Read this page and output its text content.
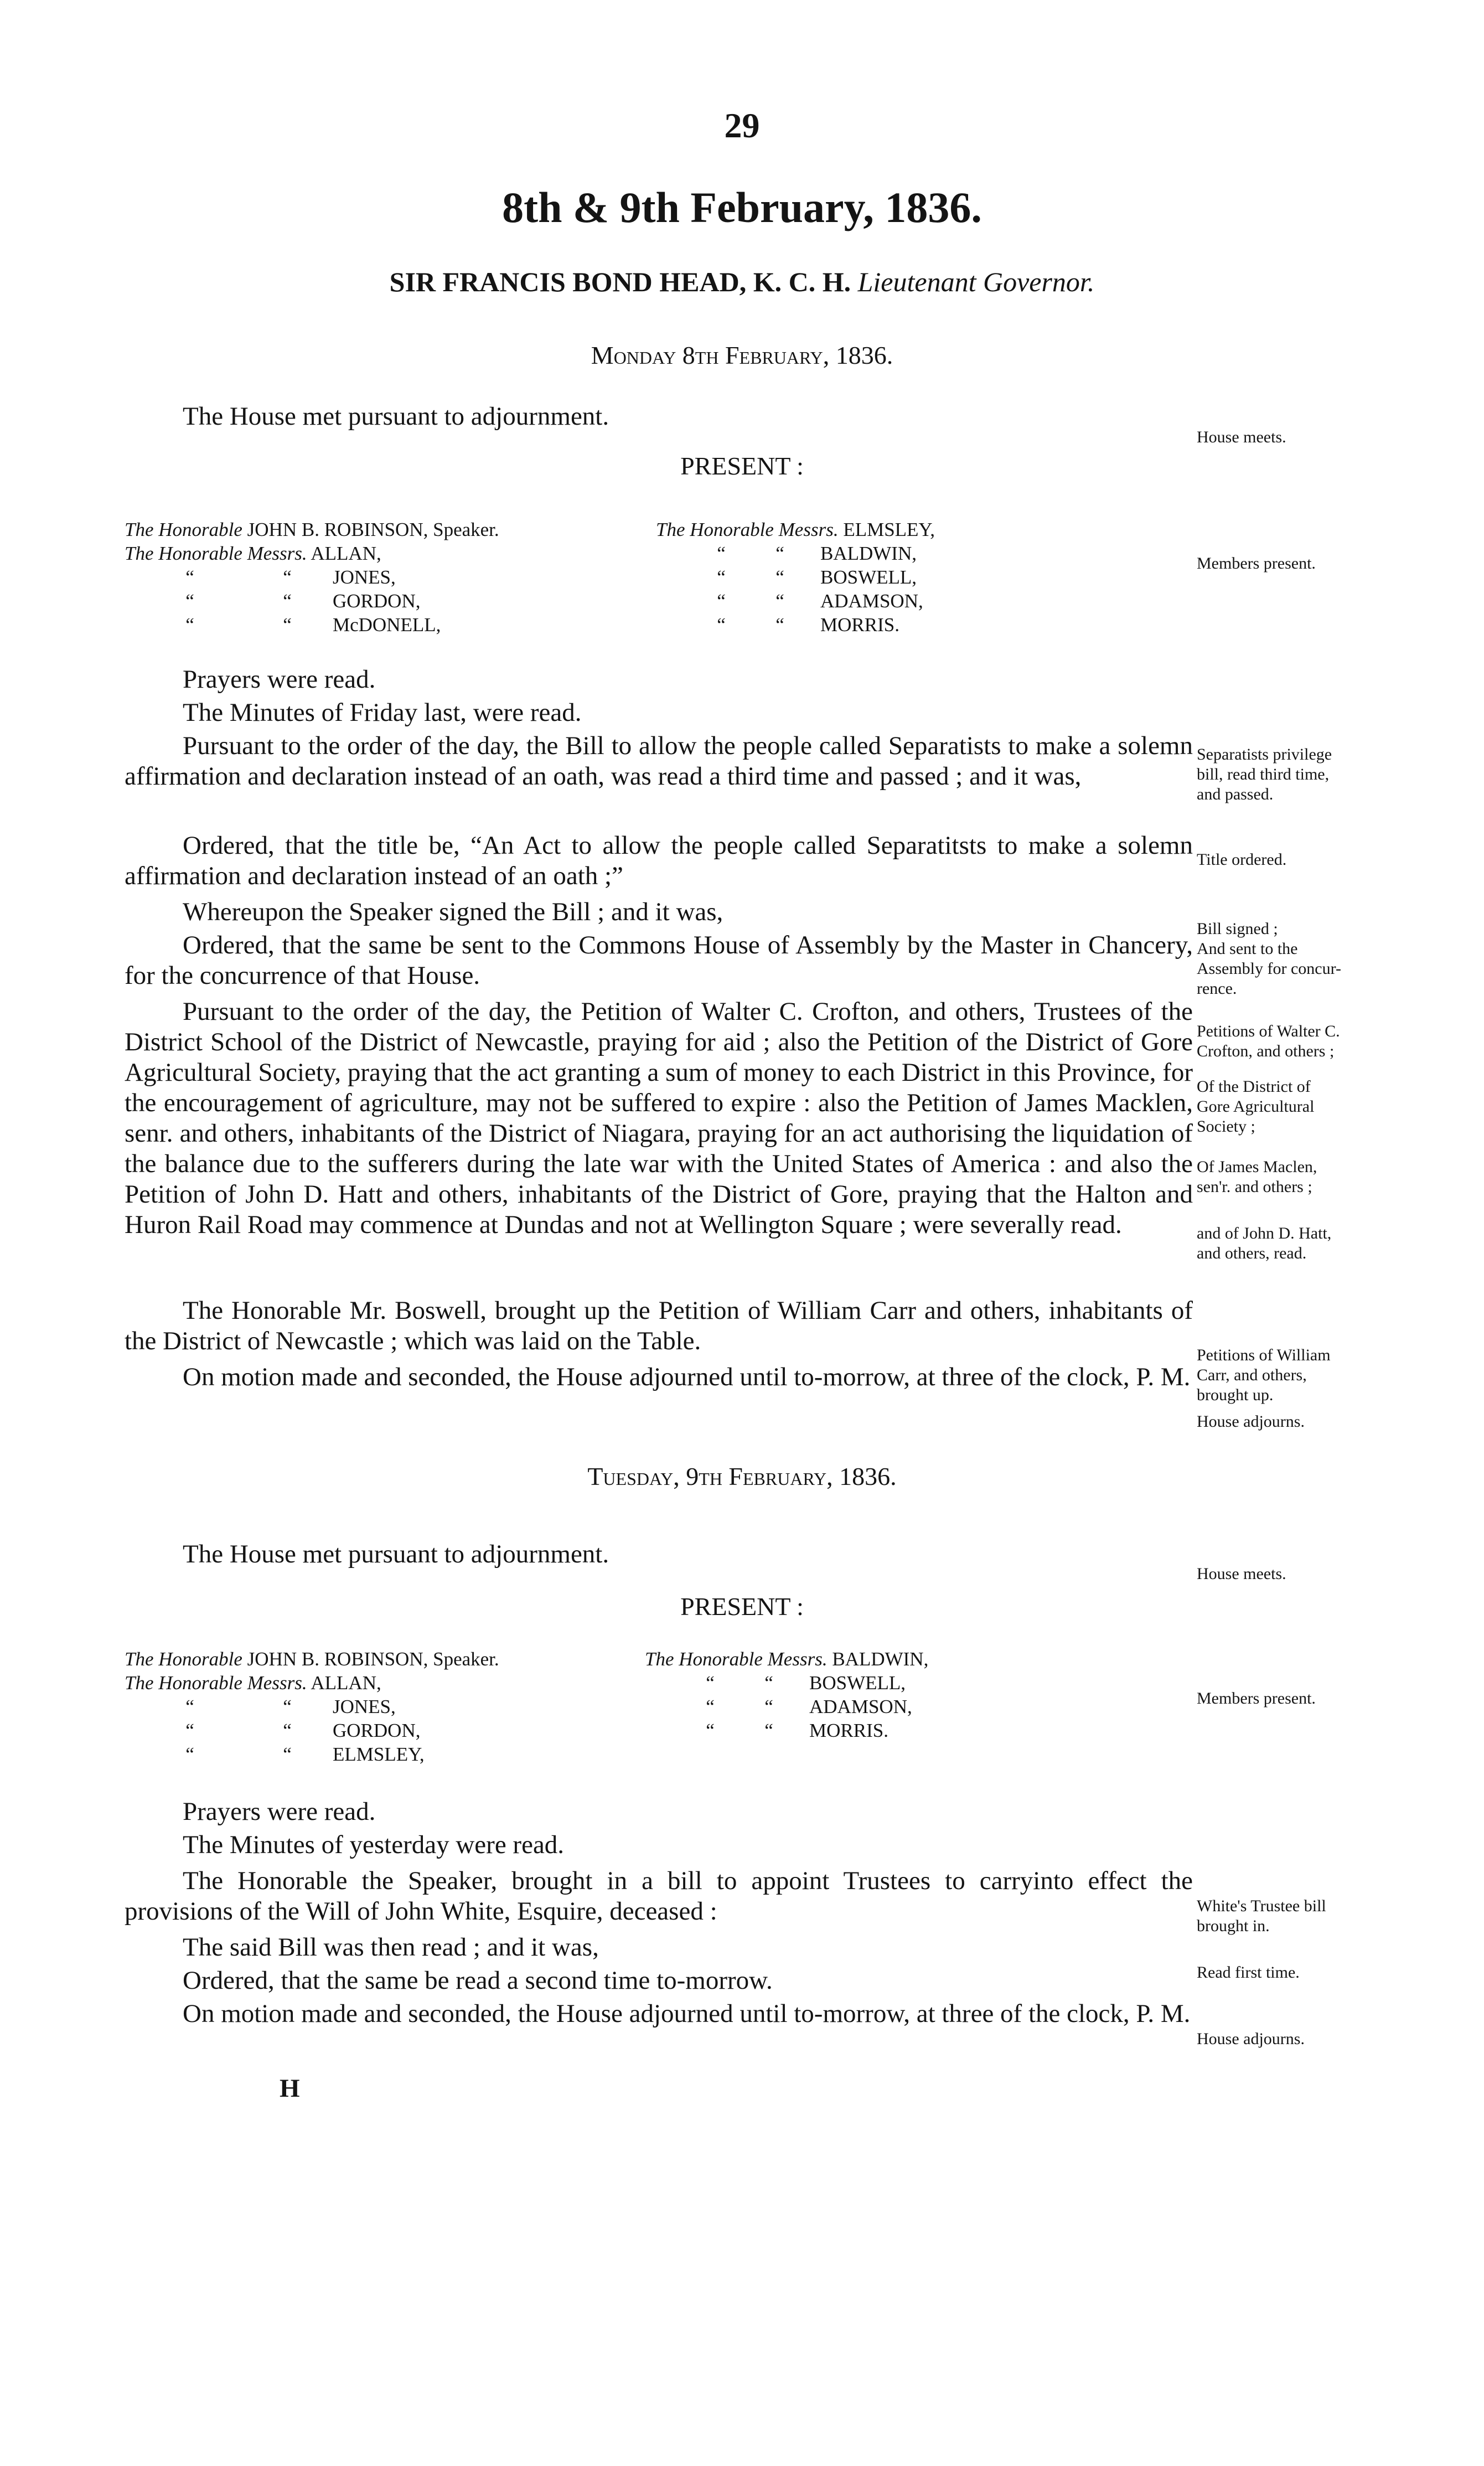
29
8th & 9th February, 1836.
SIR FRANCIS BOND HEAD, K. C. H. Lieutenant Governor.
Monday 8th February, 1836.
The House met pursuant to adjournment.
PRESENT :
The Honorable JOHN B. ROBINSON, Speaker.
The Honorable Messrs. ALLAN,
“	“ JONES,
“	“ GORDON,
“	“ McDONELL,
The Honorable Messrs. ELMSLEY,
“	“ BALDWIN,
“	“ BOSWELL,
“	“ ADAMSON,
“	“ MORRIS.
Prayers were read.
The Minutes of Friday last, were read.
Pursuant to the order of the day, the Bill to allow the people called Separatists to make a solemn affirmation and declaration instead of an oath, was read a third time and passed ; and it was,
Ordered, that the title be, “An Act to allow the people called Separatitsts to make a solemn affirmation and declaration instead of an oath ;”
Whereupon the Speaker signed the Bill ; and it was,
Ordered, that the same be sent to the Commons House of Assembly by the Master in Chancery, for the concurrence of that House.
Pursuant to the order of the day, the Petition of Walter C. Crofton, and others, Trustees of the District School of the District of Newcastle, praying for aid ; also the Petition of the District of Gore Agricultural Society, praying that the act granting a sum of money to each District in this Province, for the encouragement of agriculture, may not be suffered to expire : also the Petition of James Macklen, senr. and others, inhabitants of the District of Niagara, praying for an act authorising the liquidation of the balance due to the sufferers during the late war with the United States of America : and also the Petition of John D. Hatt and others, inhabitants of the District of Gore, praying that the Halton and Huron Rail Road may commence at Dundas and not at Wellington Square ; were severally read.
The Honorable Mr. Boswell, brought up the Petition of William Carr and others, inhabitants of the District of Newcastle ; which was laid on the Table.
On motion made and seconded, the House adjourned until to-morrow, at three of the clock, P. M.
Tuesday, 9th February, 1836.
The House met pursuant to adjournment.
PRESENT :
The Honorable JOHN B. ROBINSON, Speaker.
The Honorable Messrs. ALLAN,
“	“ JONES,
“	“ GORDON,
“	“ ELMSLEY,
The Honorable Messrs. BALDWIN,
“	“ BOSWELL,
“	“ ADAMSON,
“	“ MORRIS.
Prayers were read.
The Minutes of yesterday were read.
The Honorable the Speaker, brought in a bill to appoint Trustees to carryinto effect the provisions of the Will of John White, Esquire, deceased :
The said Bill was then read ; and it was,
Ordered, that the same be read a second time to-morrow.
On motion made and seconded, the House adjourned until to-morrow, at three of the clock, P. M.
H
House meets.
Members present.
Separatists privilege
bill, read third time,
and passed.
Title ordered.
Bill signed ;
And sent to the
Assembly for concur-
rence.
Petitions of Walter C.
Crofton, and others ;
Of the District of
Gore Agricultural
Society ;
Of James Maclen,
sen'r. and others ;
and of John D. Hatt,
and others, read.
Petitions of William
Carr, and others,
brought up.
House adjourns.
House meets.
Members present.
White's Trustee bill
brought in.
Read first time.
House adjourns.
